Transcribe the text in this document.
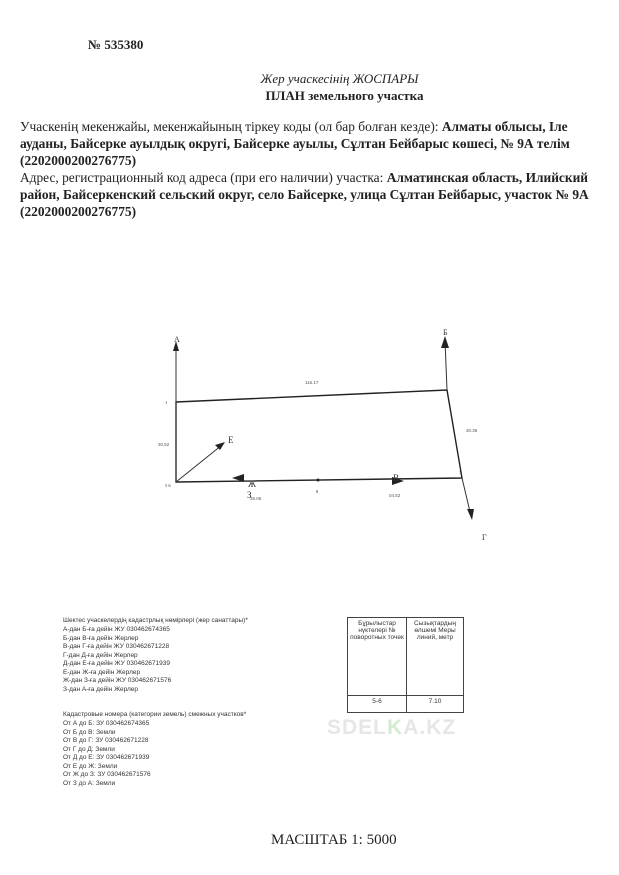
№ 535380
Жер учаскесінің ЖОСПАРЫ
ПЛАН земельного участка
Учаскенің мекенжайы, мекенжайының тіркеу коды (ол бар болған кезде): Алматы облысы, Іле ауданы, Байсерке ауылдық округі, Байсерке ауылы, Сұлтан Бейбарыс көшесі, № 9А телім (2202000200276775)
Адрес, регистрационный код адреса (при его наличии) участка: Алматинская область, Илийский район, Байсеркенский сельский округ, село Байсерке, улица Сұлтан Бейбарыс, участок № 9А (2202000200276775)
А
Б
Е
Ж
З
В
Г
5 6
1
7
8
116.17
30.52
30.36
35.06
04.52
Шектес учаскелердің кадастрлық нөмірлері (жер санаттары)*
А-дан Б-ға дейін ЖУ 030462674365
Б-дан В-ға дейін Жерлер
В-дан Г-ға дейін ЖУ 030462671228
Г-дан Д-ға дейін Жерлер
Д-дан Е-ға дейін ЖУ 030462671939
Е-дан Ж-ға дейін Жерлер
Ж-дан З-ға дейін ЖУ 030462671576
З-дан А-ға дейін Жерлер
Кадастровые номера (категории земель) смежных участков*
От А до Б: ЗУ 030462674365
От Б до В: Земли
От В до Г: ЗУ 030462671228
От Г до Д: Земли
От Д до Е: ЗУ 030462671939
От Е до Ж: Земли
От Ж до З: ЗУ 030462671576
От З до А: Земли
Бұрылыстар нүктелері № поворотных точек	Сызықтардың өлшемі Меры линий, метр
5-6	7.10
SDELKA.KZ
МАСШТАБ 1: 5000
